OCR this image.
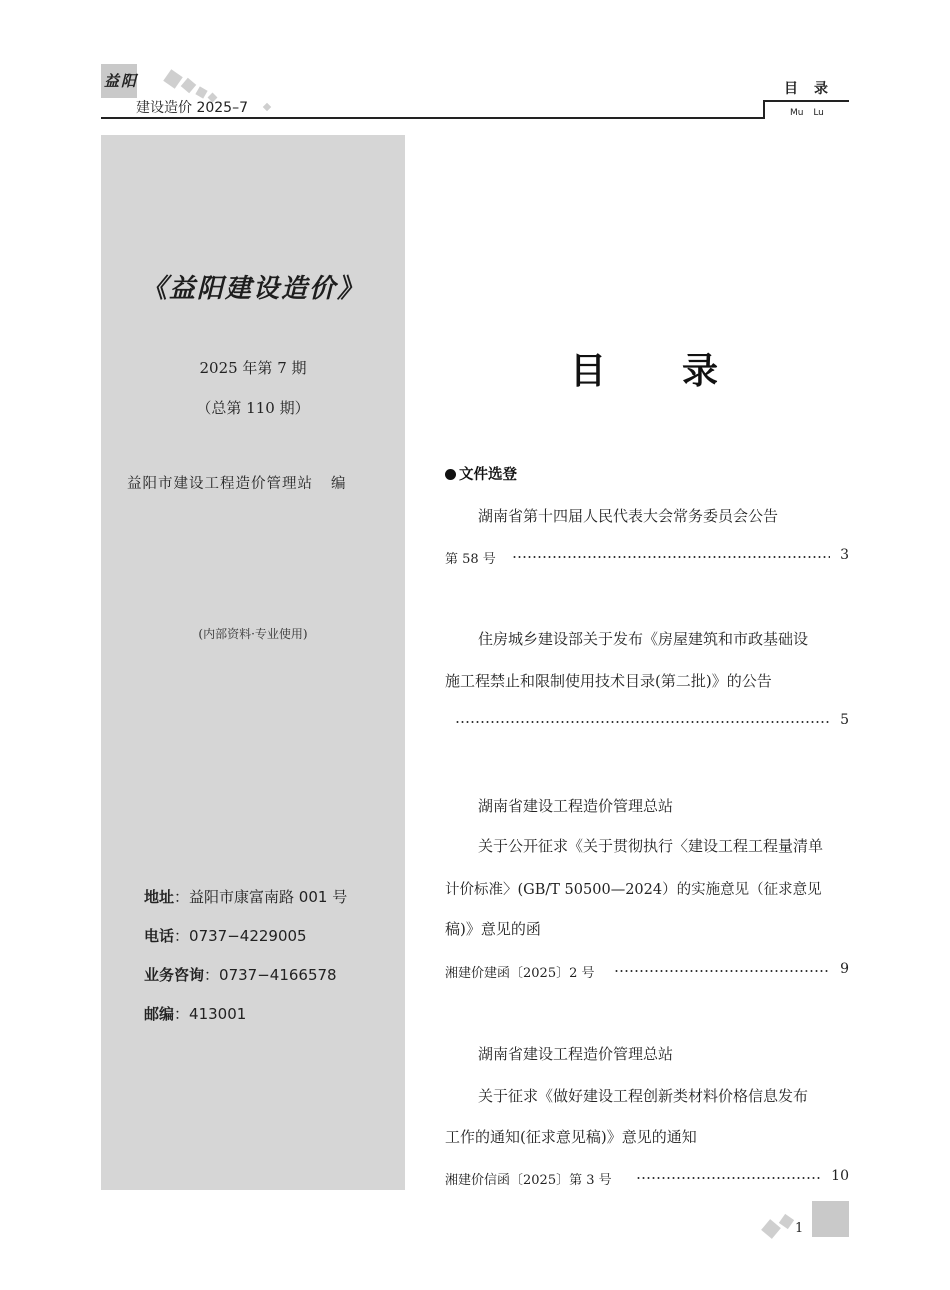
益阳
建设造价 2025–7
目录
Mu Lu
《益阳建设造价》
2025 年第 7 期
（总第 110 期）
益阳市建设工程造价管理站 编
(内部资料·专业使用)
地址：益阳市康富南路 001 号
电话：0737−4229005
业务咨询：0737−4166578
邮编：413001
目录
文件选登
湖南省第十四届人民代表大会常务委员会公告
第 58 号	3
住房城乡建设部关于发布《房屋建筑和市政基础设
施工程禁止和限制使用技术目录(第二批)》的公告
5
湖南省建设工程造价管理总站
关于公开征求《关于贯彻执行〈建设工程工程量清单
计价标准〉(GB/T 50500—2024）的实施意见（征求意见
稿)》意见的函
湘建价建函〔2025〕2 号	9
湖南省建设工程造价管理总站
关于征求《做好建设工程创新类材料价格信息发布
工作的通知(征求意见稿)》意见的通知
湘建价信函〔2025〕第 3 号	10
1
